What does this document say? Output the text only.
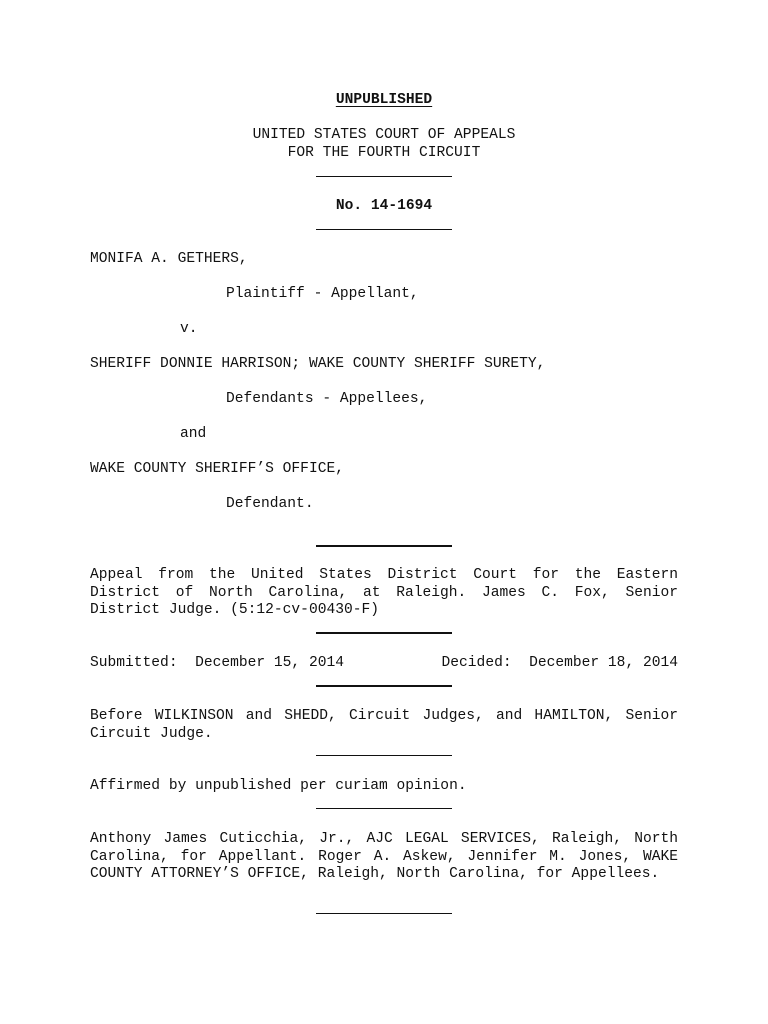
UNPUBLISHED
UNITED STATES COURT OF APPEALS
FOR THE FOURTH CIRCUIT
No. 14-1694
MONIFA A. GETHERS,
Plaintiff - Appellant,
v.
SHERIFF DONNIE HARRISON; WAKE COUNTY SHERIFF SURETY,
Defendants - Appellees,
and
WAKE COUNTY SHERIFF’S OFFICE,
Defendant.
Appeal from the United States District Court for the Eastern District of North Carolina, at Raleigh. James C. Fox, Senior District Judge. (5:12-cv-00430-F)
Submitted:  December 15, 2014	Decided:  December 18, 2014
Before WILKINSON and SHEDD, Circuit Judges, and HAMILTON, Senior Circuit Judge.
Affirmed by unpublished per curiam opinion.
Anthony James Cuticchia, Jr., AJC LEGAL SERVICES, Raleigh, North Carolina, for Appellant. Roger A. Askew, Jennifer M. Jones, WAKE COUNTY ATTORNEY’S OFFICE, Raleigh, North Carolina, for Appellees.
